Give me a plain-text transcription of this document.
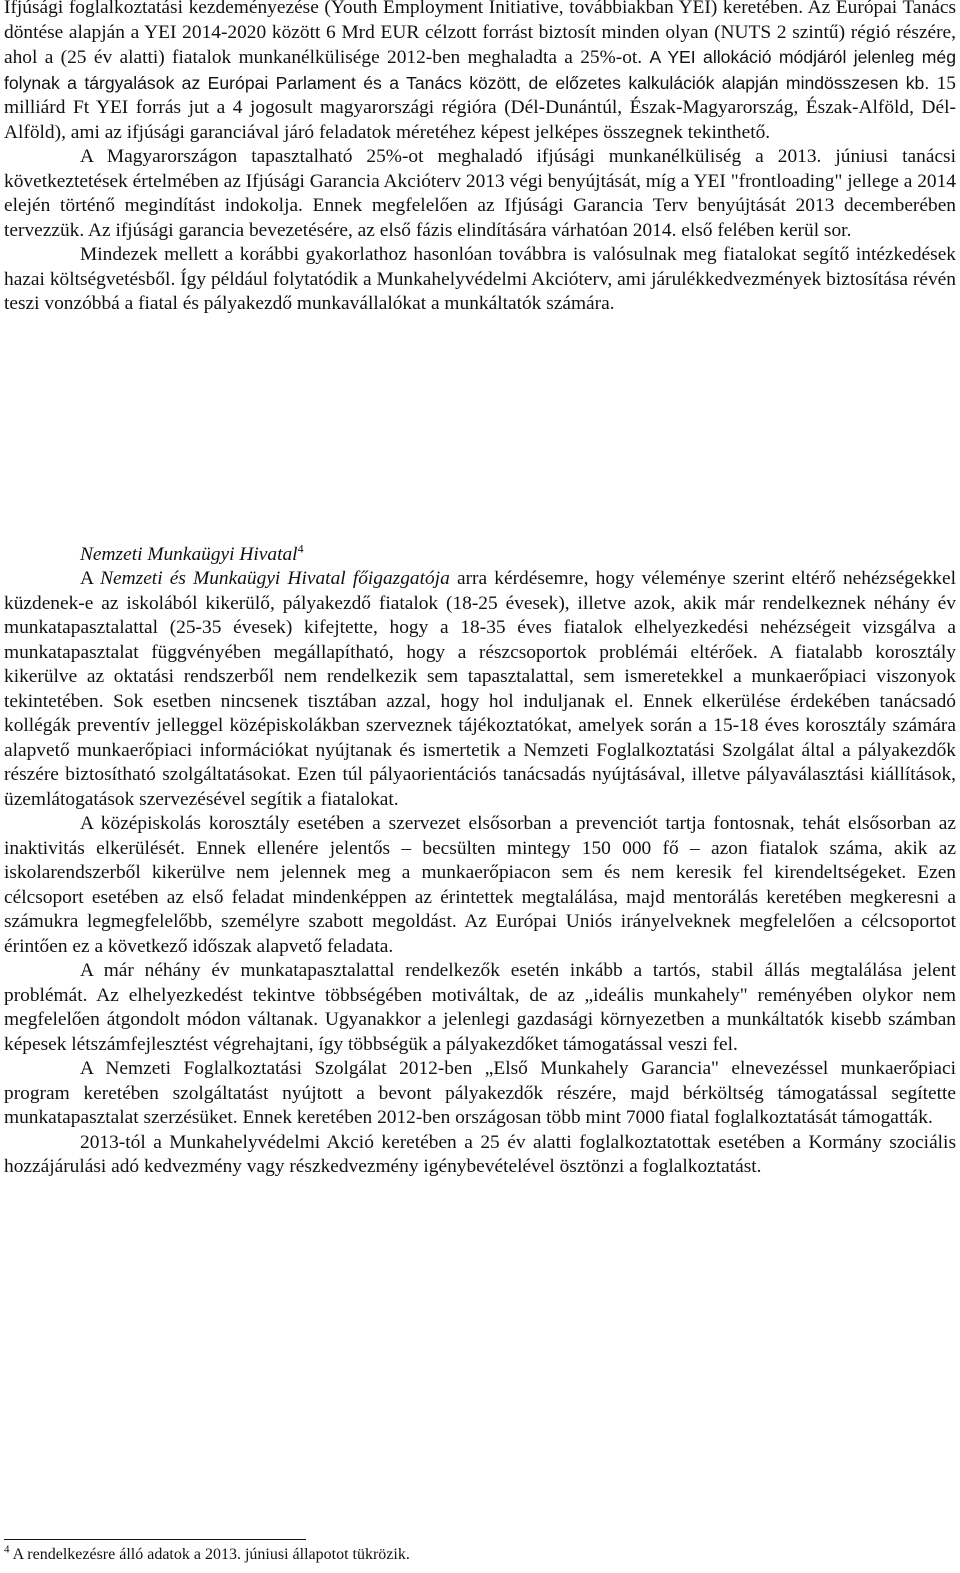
Ifjúsági foglalkoztatási kezdeményezése (Youth Employment Initiative, továbbiakban YEI) keretében. Az Európai Tanács döntése alapján a YEI 2014-2020 között 6 Mrd EUR célzott forrást biztosít minden olyan (NUTS 2 szintű) régió részére, ahol a (25 év alatti) fiatalok munkanélkülisége 2012-ben meghaladta a 25%-ot. A YEI allokáció módjáról jelenleg még folynak a tárgyalások az Európai Parlament és a Tanács között, de előzetes kalkulációk alapján mindösszesen kb. 15 milliárd Ft YEI forrás jut a 4 jogosult magyarországi régióra (Dél-Dunántúl, Észak-Magyarország, Észak-Alföld, Dél-Alföld), ami az ifjúsági garanciával járó feladatok méretéhez képest jelképes összegnek tekinthető.

A Magyarországon tapasztalható 25%-ot meghaladó ifjúsági munkanélküliség a 2013. júniusi tanácsi következtetések értelmében az Ifjúsági Garancia Akcióterv 2013 végi benyújtását, míg a YEI "frontloading" jellege a 2014 elején történő megindítást indokolja. Ennek megfelelően az Ifjúsági Garancia Terv benyújtását 2013 decemberében tervezzük. Az ifjúsági garancia bevezetésére, az első fázis elindítására várhatóan 2014. első felében kerül sor.

Mindezek mellett a korábbi gyakorlathoz hasonlóan továbbra is valósulnak meg fiatalokat segítő intézkedések hazai költségvetésből. Így például folytatódik a Munkahelyvédelmi Akcióterv, ami járulékkedvezmények biztosítása révén teszi vonzóbbá a fiatal és pályakezdő munkavállalókat a munkáltatók számára.

Nemzeti Munkaügyi Hivatal$^4$

A Nemzeti és Munkaügyi Hivatal főigazgatója arra kérdésemre, hogy véleménye szerint eltérő nehézségekkel küzdenek-e az iskolából kikerülő, pályakezdő fiatalok (18-25 évesek), illetve azok, akik már rendelkeznek néhány év munkatapasztalattal (25-35 évesek) kifejtette, hogy a 18-35 éves fiatalok elhelyezkedési nehézségeit vizsgálva a munkatapasztalat függvényében megállapítható, hogy a részcsoportok problémái eltérőek. A fiatalabb korosztály kikerülve az oktatási rendszerből nem rendelkezik sem tapasztalattal, sem ismeretekkel a munkaerőpiaci viszonyok tekintetében. Sok esetben nincsenek tisztában azzal, hogy hol induljanak el. Ennek elkerülése érdekében tanácsadó kollégák preventív jelleggel középiskolákban szerveznek tájékoztatókat, amelyek során a 15-18 éves korosztály számára alapvető munkaerőpiaci információkat nyújtanak és ismertetik a Nemzeti Foglalkoztatási Szolgálat által a pályakezdők részére biztosítható szolgáltatásokat. Ezen túl pályaorientációs tanácsadás nyújtásával, illetve pályaválasztási kiállítások, üzemlátogatások szervezésével segítik a fiatalokat.

A középiskolás korosztály esetében a szervezet elsősorban a prevenciót tartja fontosnak, tehát elsősorban az inaktivitás elkerülését. Ennek ellenére jelentős – becsülten mintegy 150 000 fő – azon fiatalok száma, akik az iskolarendszerből kikerülve nem jelennek meg a munkaerőpiacon sem és nem keresik fel kirendeltségeket. Ezen célcsoport esetében az első feladat mindenképpen az érintettek megtalálása, majd mentorálás keretében megkeresni a számukra legmegfelelőbb, személyre szabott megoldást. Az Európai Uniós irányelveknek megfelelően a célcsoportot érintően ez a következő időszak alapvető feladata.

A már néhány év munkatapasztalattal rendelkezők esetén inkább a tartós, stabil állás megtalálása jelent problémát. Az elhelyezkedést tekintve többségében motiváltak, de az „ideális munkahely" reményében olykor nem megfelelően átgondolt módon váltanak. Ugyanakkor a jelenlegi gazdasági környezetben a munkáltatók kisebb számban képesek létszámfejlesztést végrehajtani, így többségük a pályakezdőket támogatással veszi fel.

A Nemzeti Foglalkoztatási Szolgálat 2012-ben „Első Munkahely Garancia" elnevezéssel munkaerőpiaci program keretében szolgáltatást nyújtott a bevont pályakezdők részére, majd bérköltség támogatással segítette munkatapasztalat szerzésüket. Ennek keretében 2012-ben országosan több mint 7000 fiatal foglalkoztatását támogatták.

2013-tól a Munkahelyvédelmi Akció keretében a 25 év alatti foglalkoztatottak esetében a Kormány szociális hozzájárulási adó kedvezmény vagy részkedvezmény igénybevételével ösztönzi a foglalkoztatást.

$^4$ A rendelkezésre álló adatok a 2013. júniusi állapotot tükrözik.
